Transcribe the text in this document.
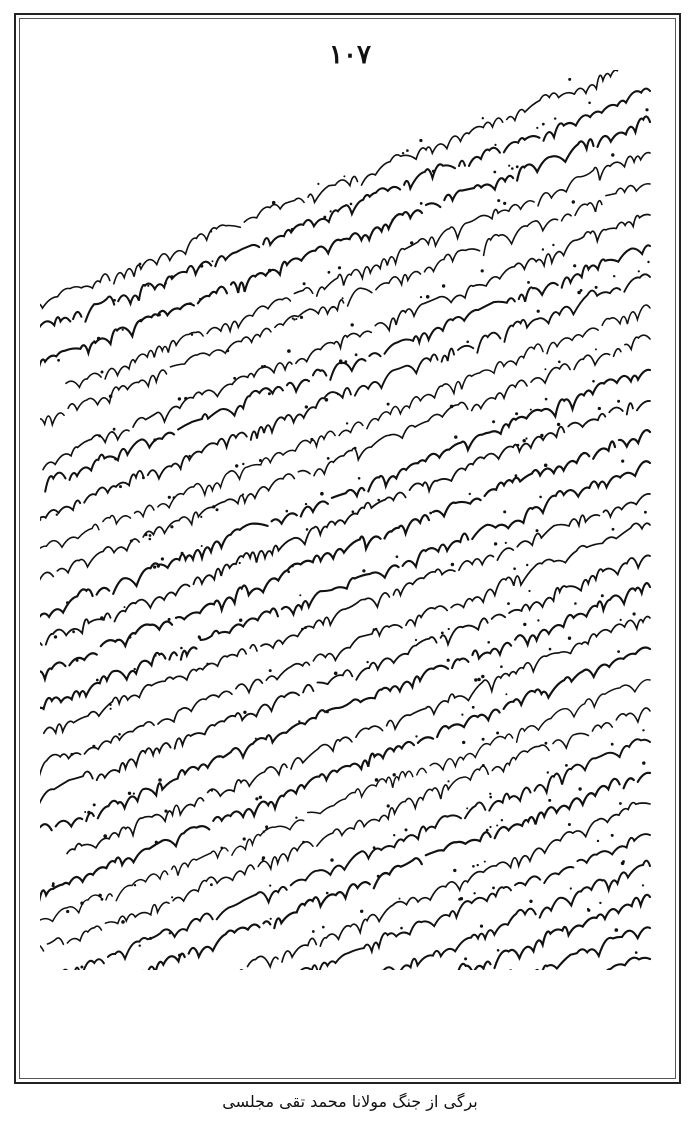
۱۰۷
برگی از جنگ مولانا محمد تقی مجلسی
